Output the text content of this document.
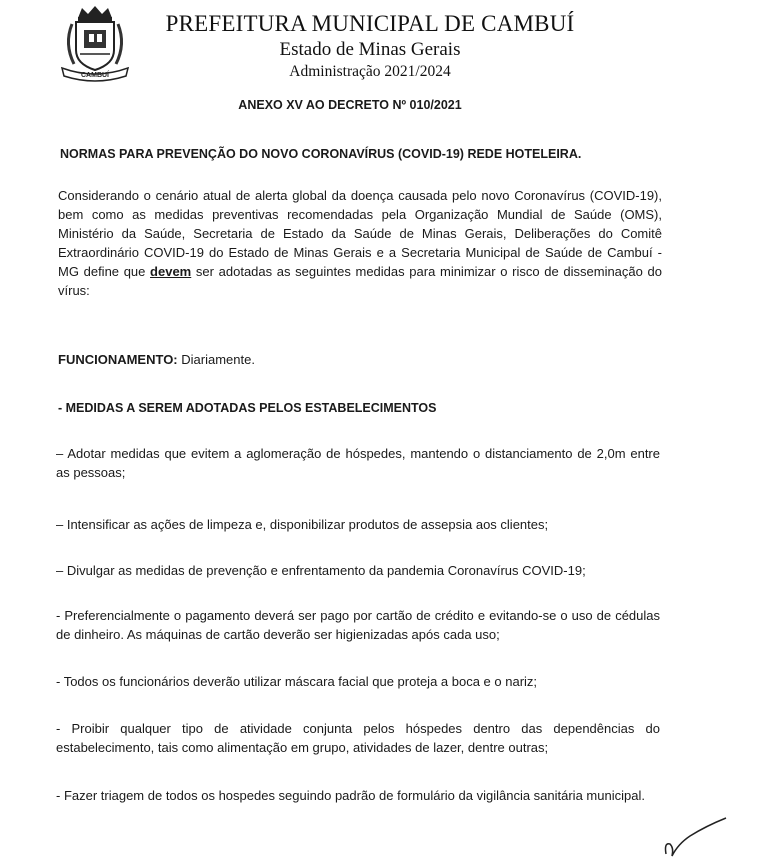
CAMBUÍ
PREFEITURA MUNICIPAL DE CAMBUÍ
Estado de Minas Gerais
Administração 2021/2024
ANEXO XV AO DECRETO Nº 010/2021
NORMAS PARA PREVENÇÃO DO NOVO CORONAVÍRUS (COVID-19) REDE HOTELEIRA.
Considerando o cenário atual de alerta global da doença causada pelo novo Coronavírus (COVID-19), bem como as medidas preventivas recomendadas pela Organização Mundial de Saúde (OMS), Ministério da Saúde, Secretaria de Estado da Saúde de Minas Gerais, Deliberações do Comitê Extraordinário COVID-19 do Estado de Minas Gerais e a Secretaria Municipal de Saúde de Cambuí - MG define que devem ser adotadas as seguintes medidas para minimizar o risco de disseminação do vírus:
FUNCIONAMENTO: Diariamente.
- MEDIDAS A SEREM ADOTADAS PELOS ESTABELECIMENTOS
– Adotar medidas que evitem a aglomeração de hóspedes, mantendo o distanciamento de 2,0m entre as pessoas;
– Intensificar as ações de limpeza e, disponibilizar produtos de assepsia aos clientes;
– Divulgar as medidas de prevenção e enfrentamento da pandemia Coronavírus COVID-19;
- Preferencialmente o pagamento deverá ser pago por cartão de crédito e evitando-se o uso de cédulas de dinheiro. As máquinas de cartão deverão ser higienizadas após cada uso;
- Todos os funcionários deverão utilizar máscara facial que proteja a boca e o nariz;
- Proibir qualquer tipo de atividade conjunta pelos hóspedes dentro das dependências do estabelecimento, tais como alimentação em grupo, atividades de lazer, dentre outras;
- Fazer triagem de todos os hospedes seguindo padrão de formulário da vigilância sanitária municipal.
